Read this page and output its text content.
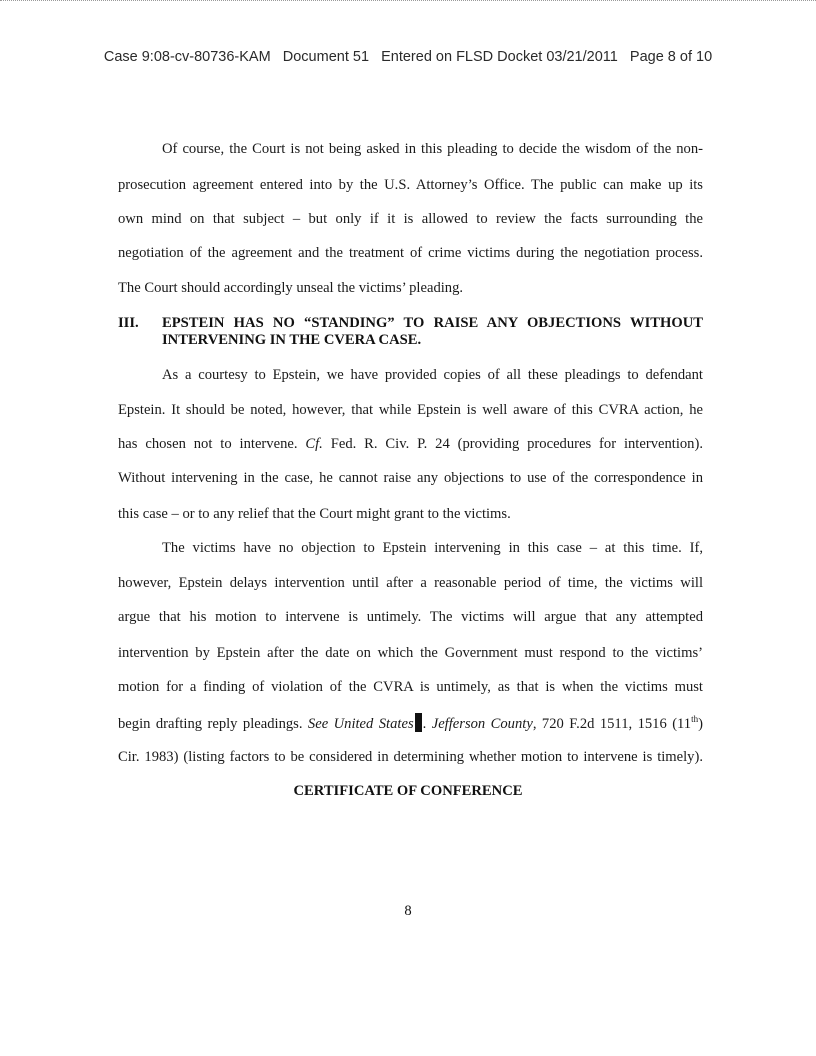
Case 9:08-cv-80736-KAM   Document 51   Entered on FLSD Docket 03/21/2011   Page 8 of 10
Of course, the Court is not being asked in this pleading to decide the wisdom of the non-
prosecution agreement entered into by the U.S. Attorney’s Office. The public can make up its
own mind on that subject – but only if it is allowed to review the facts surrounding the
negotiation of the agreement and the treatment of crime victims during the negotiation process.
The Court should accordingly unseal the victims’ pleading.
III. EPSTEIN HAS NO “STANDING” TO RAISE ANY OBJECTIONS WITHOUT
INTERVENING IN THE CVERA CASE.
As a courtesy to Epstein, we have provided copies of all these pleadings to defendant
Epstein. It should be noted, however, that while Epstein is well aware of this CVRA action, he
has chosen not to intervene. Cf. Fed. R. Civ. P. 24 (providing procedures for intervention).
Without intervening in the case, he cannot raise any objections to use of the correspondence in
this case – or to any relief that the Court might grant to the victims.
The victims have no objection to Epstein intervening in this case – at this time. If,
however, Epstein delays intervention until after a reasonable period of time, the victims will
argue that his motion to intervene is untimely. The victims will argue that any attempted
intervention by Epstein after the date on which the Government must respond to the victims’
motion for a finding of violation of the CVRA is untimely, as that is when the victims must
begin drafting reply pleadings. See United States . Jefferson County, 720 F.2d 1511, 1516 (11th)
Cir. 1983) (listing factors to be considered in determining whether motion to intervene is timely).
CERTIFICATE OF CONFERENCE
8
